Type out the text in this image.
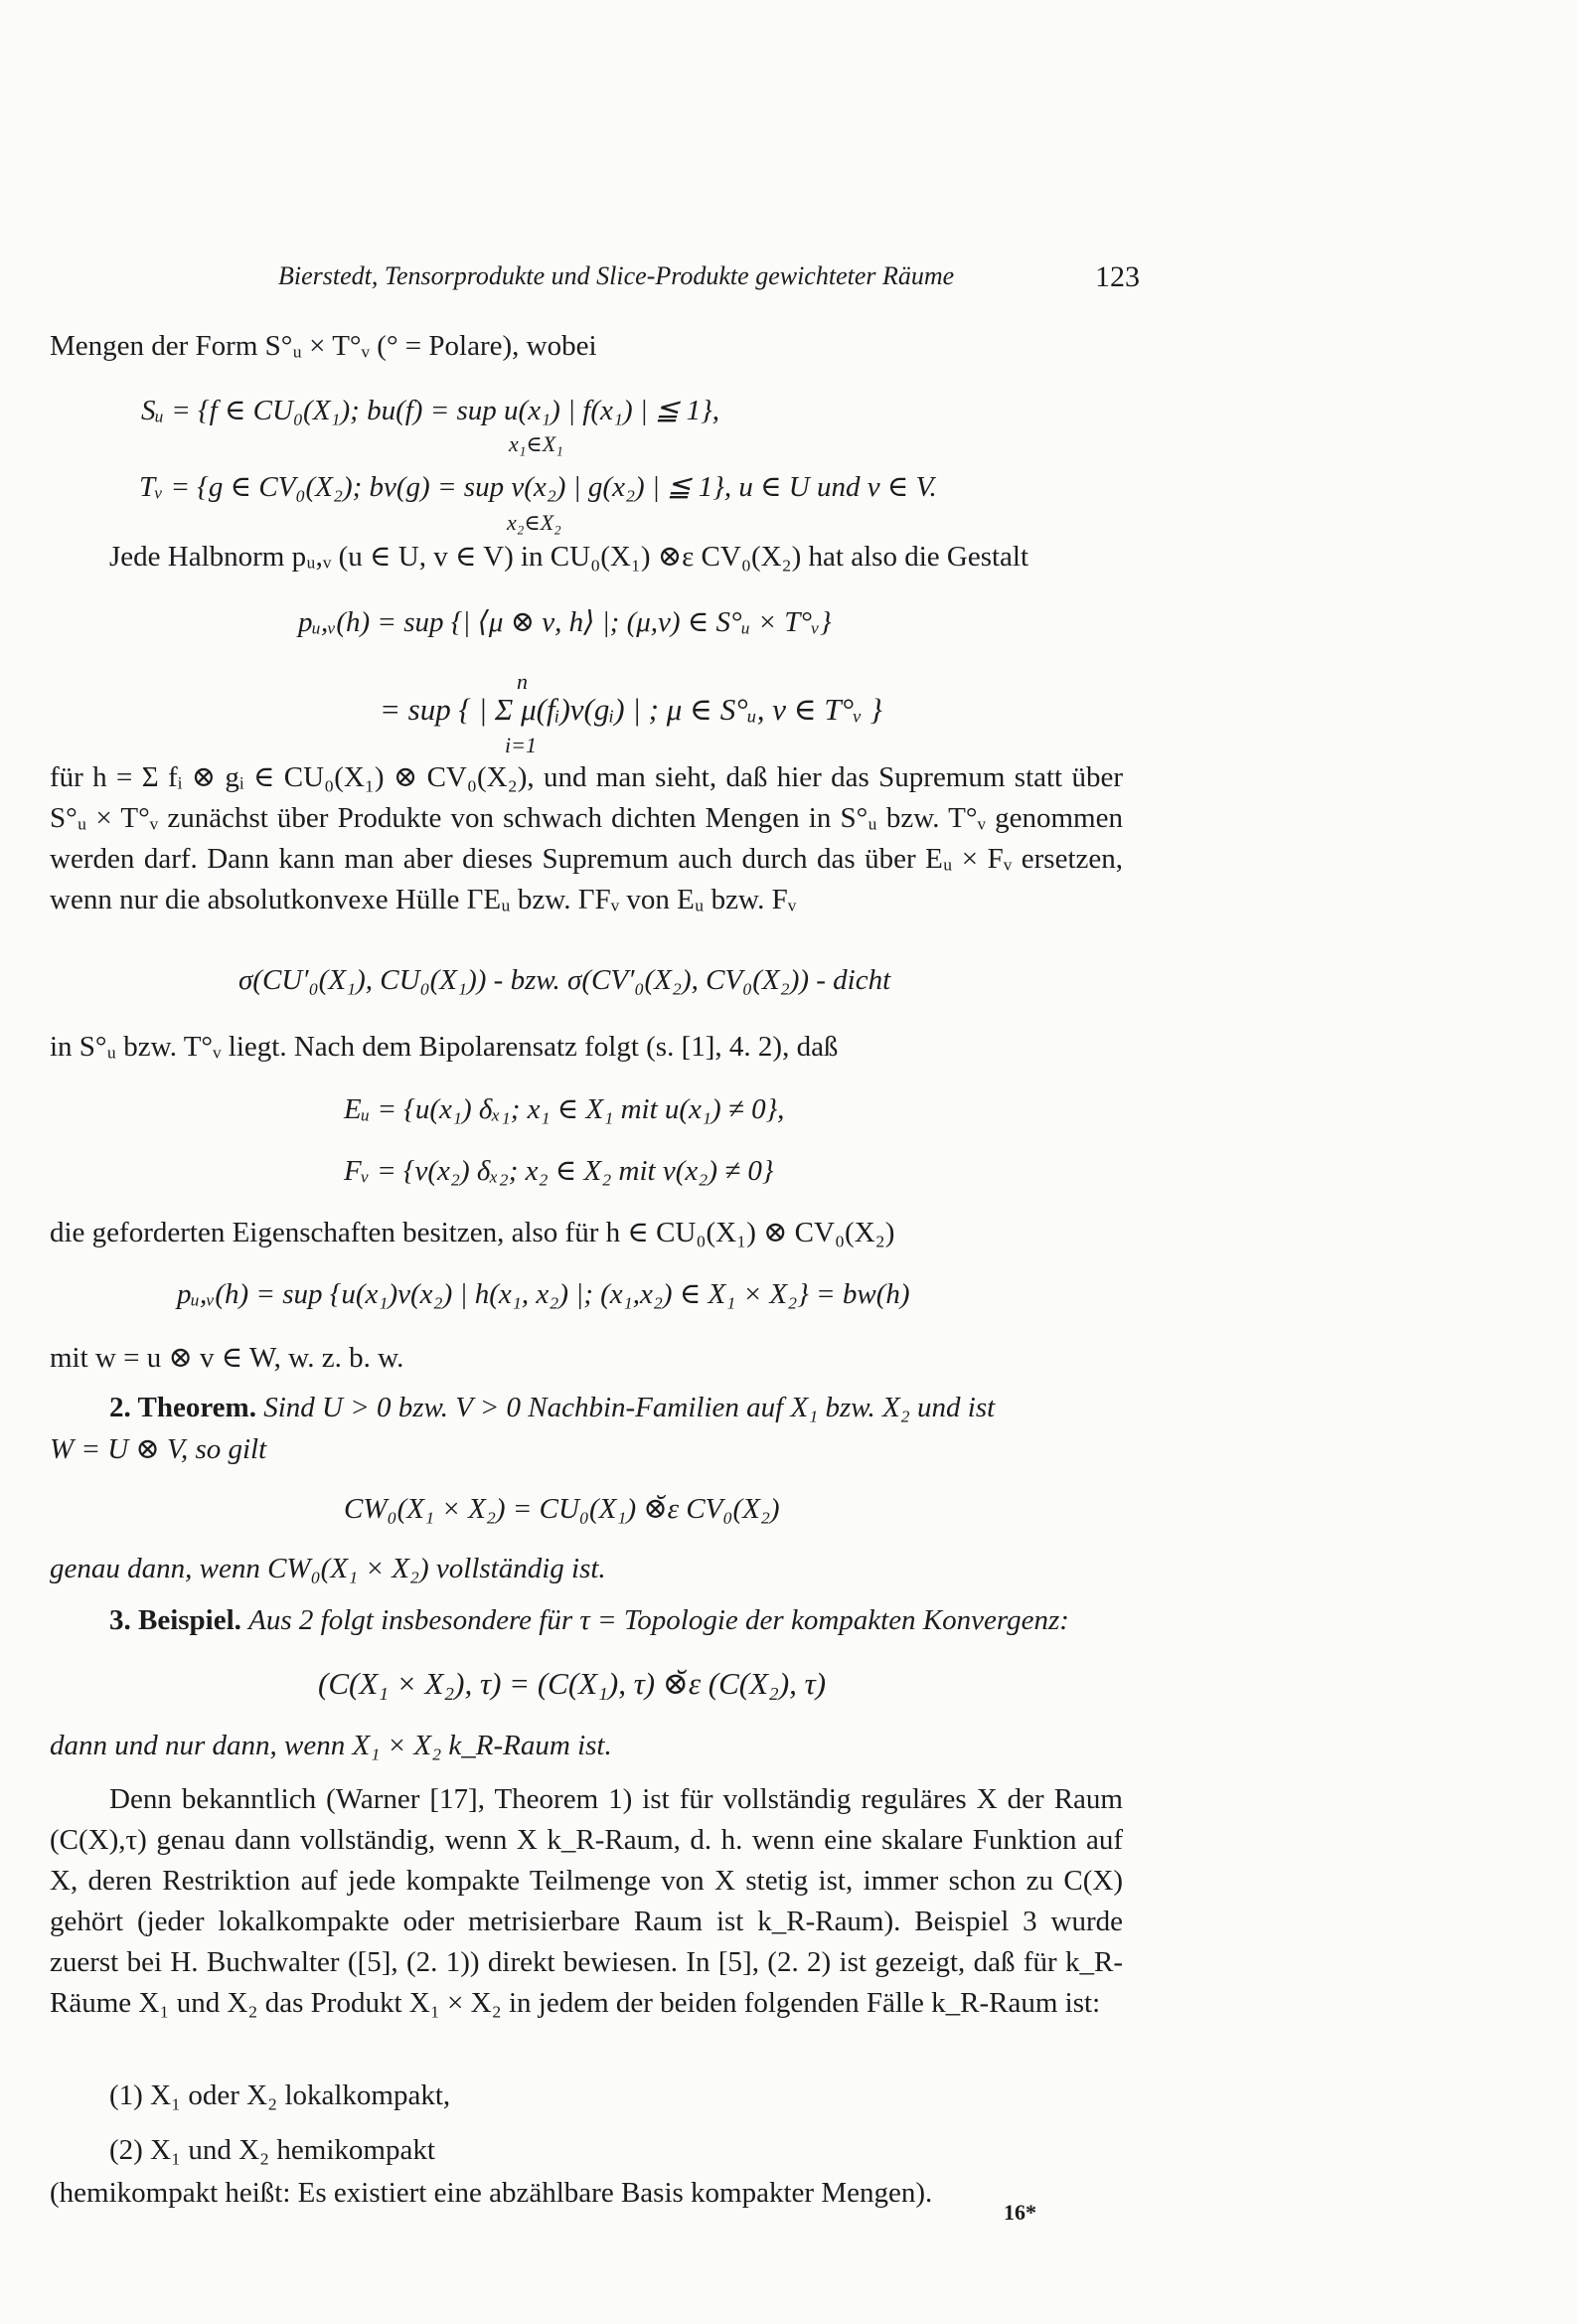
Bierstedt, Tensorprodukte und Slice-Produkte gewichteter Räume	123
Mengen der Form S°ᵤ × T°ᵥ (° = Polare), wobei
Sᵤ = {f ∈ CU₀(X₁); bu(f) = sup u(x₁) | f(x₁) | ≦ 1},
x₁∈X₁
Tᵥ = {g ∈ CV₀(X₂); bv(g) = sup v(x₂) | g(x₂) | ≦ 1}, u ∈ U und v ∈ V.
x₂∈X₂
Jede Halbnorm pᵤ,ᵥ (u ∈ U, v ∈ V) in CU₀(X₁) ⊗ε CV₀(X₂) hat also die Gestalt
pᵤ,ᵥ(h) = sup {| ⟨μ ⊗ ν, h⟩ |; (μ,ν) ∈ S°ᵤ × T°ᵥ}
n
= sup { | Σ μ(fᵢ)ν(gᵢ) | ; μ ∈ S°ᵤ, ν ∈ T°ᵥ }
i=1
für h = Σ fᵢ ⊗ gᵢ ∈ CU₀(X₁) ⊗ CV₀(X₂), und man sieht, daß hier das Supremum statt über S°ᵤ × T°ᵥ zunächst über Produkte von schwach dichten Mengen in S°ᵤ bzw. T°ᵥ genommen werden darf. Dann kann man aber dieses Supremum auch durch das über Eᵤ × Fᵥ ersetzen, wenn nur die absolutkonvexe Hülle ΓEᵤ bzw. ΓFᵥ von Eᵤ bzw. Fᵥ
σ(CU′₀(X₁), CU₀(X₁)) - bzw. σ(CV′₀(X₂), CV₀(X₂)) - dicht
in S°ᵤ bzw. T°ᵥ liegt. Nach dem Bipolarensatz folgt (s. [1], 4. 2), daß
Eᵤ = {u(x₁) δₓ₁; x₁ ∈ X₁ mit u(x₁) ≠ 0},
Fᵥ = {v(x₂) δₓ₂; x₂ ∈ X₂ mit v(x₂) ≠ 0}
die geforderten Eigenschaften besitzen, also für h ∈ CU₀(X₁) ⊗ CV₀(X₂)
pᵤ,ᵥ(h) = sup {u(x₁)v(x₂) | h(x₁, x₂) |; (x₁,x₂) ∈ X₁ × X₂} = bw(h)
mit w = u ⊗ v ∈ W, w. z. b. w.
2. Theorem. Sind U > 0 bzw. V > 0 Nachbin-Familien auf X₁ bzw. X₂ und ist
W = U ⊗ V, so gilt
CW₀(X₁ × X₂) = CU₀(X₁) ⊗̆ε CV₀(X₂)
genau dann, wenn CW₀(X₁ × X₂) vollständig ist.
3. Beispiel. Aus 2 folgt insbesondere für τ = Topologie der kompakten Konvergenz:
(C(X₁ × X₂), τ) = (C(X₁), τ) ⊗̆ε (C(X₂), τ)
dann und nur dann, wenn X₁ × X₂ k_R-Raum ist.
Denn bekanntlich (Warner [17], Theorem 1) ist für vollständig reguläres X der Raum (C(X),τ) genau dann vollständig, wenn X k_R-Raum, d. h. wenn eine skalare Funktion auf X, deren Restriktion auf jede kompakte Teilmenge von X stetig ist, immer schon zu C(X) gehört (jeder lokalkompakte oder metrisierbare Raum ist k_R-Raum). Beispiel 3 wurde zuerst bei H. Buchwalter ([5], (2. 1)) direkt bewiesen. In [5], (2. 2) ist gezeigt, daß für k_R-Räume X₁ und X₂ das Produkt X₁ × X₂ in jedem der beiden folgenden Fälle k_R-Raum ist:
(1) X₁ oder X₂ lokalkompakt,
(2) X₁ und X₂ hemikompakt
(hemikompakt heißt: Es existiert eine abzählbare Basis kompakter Mengen).
16*
